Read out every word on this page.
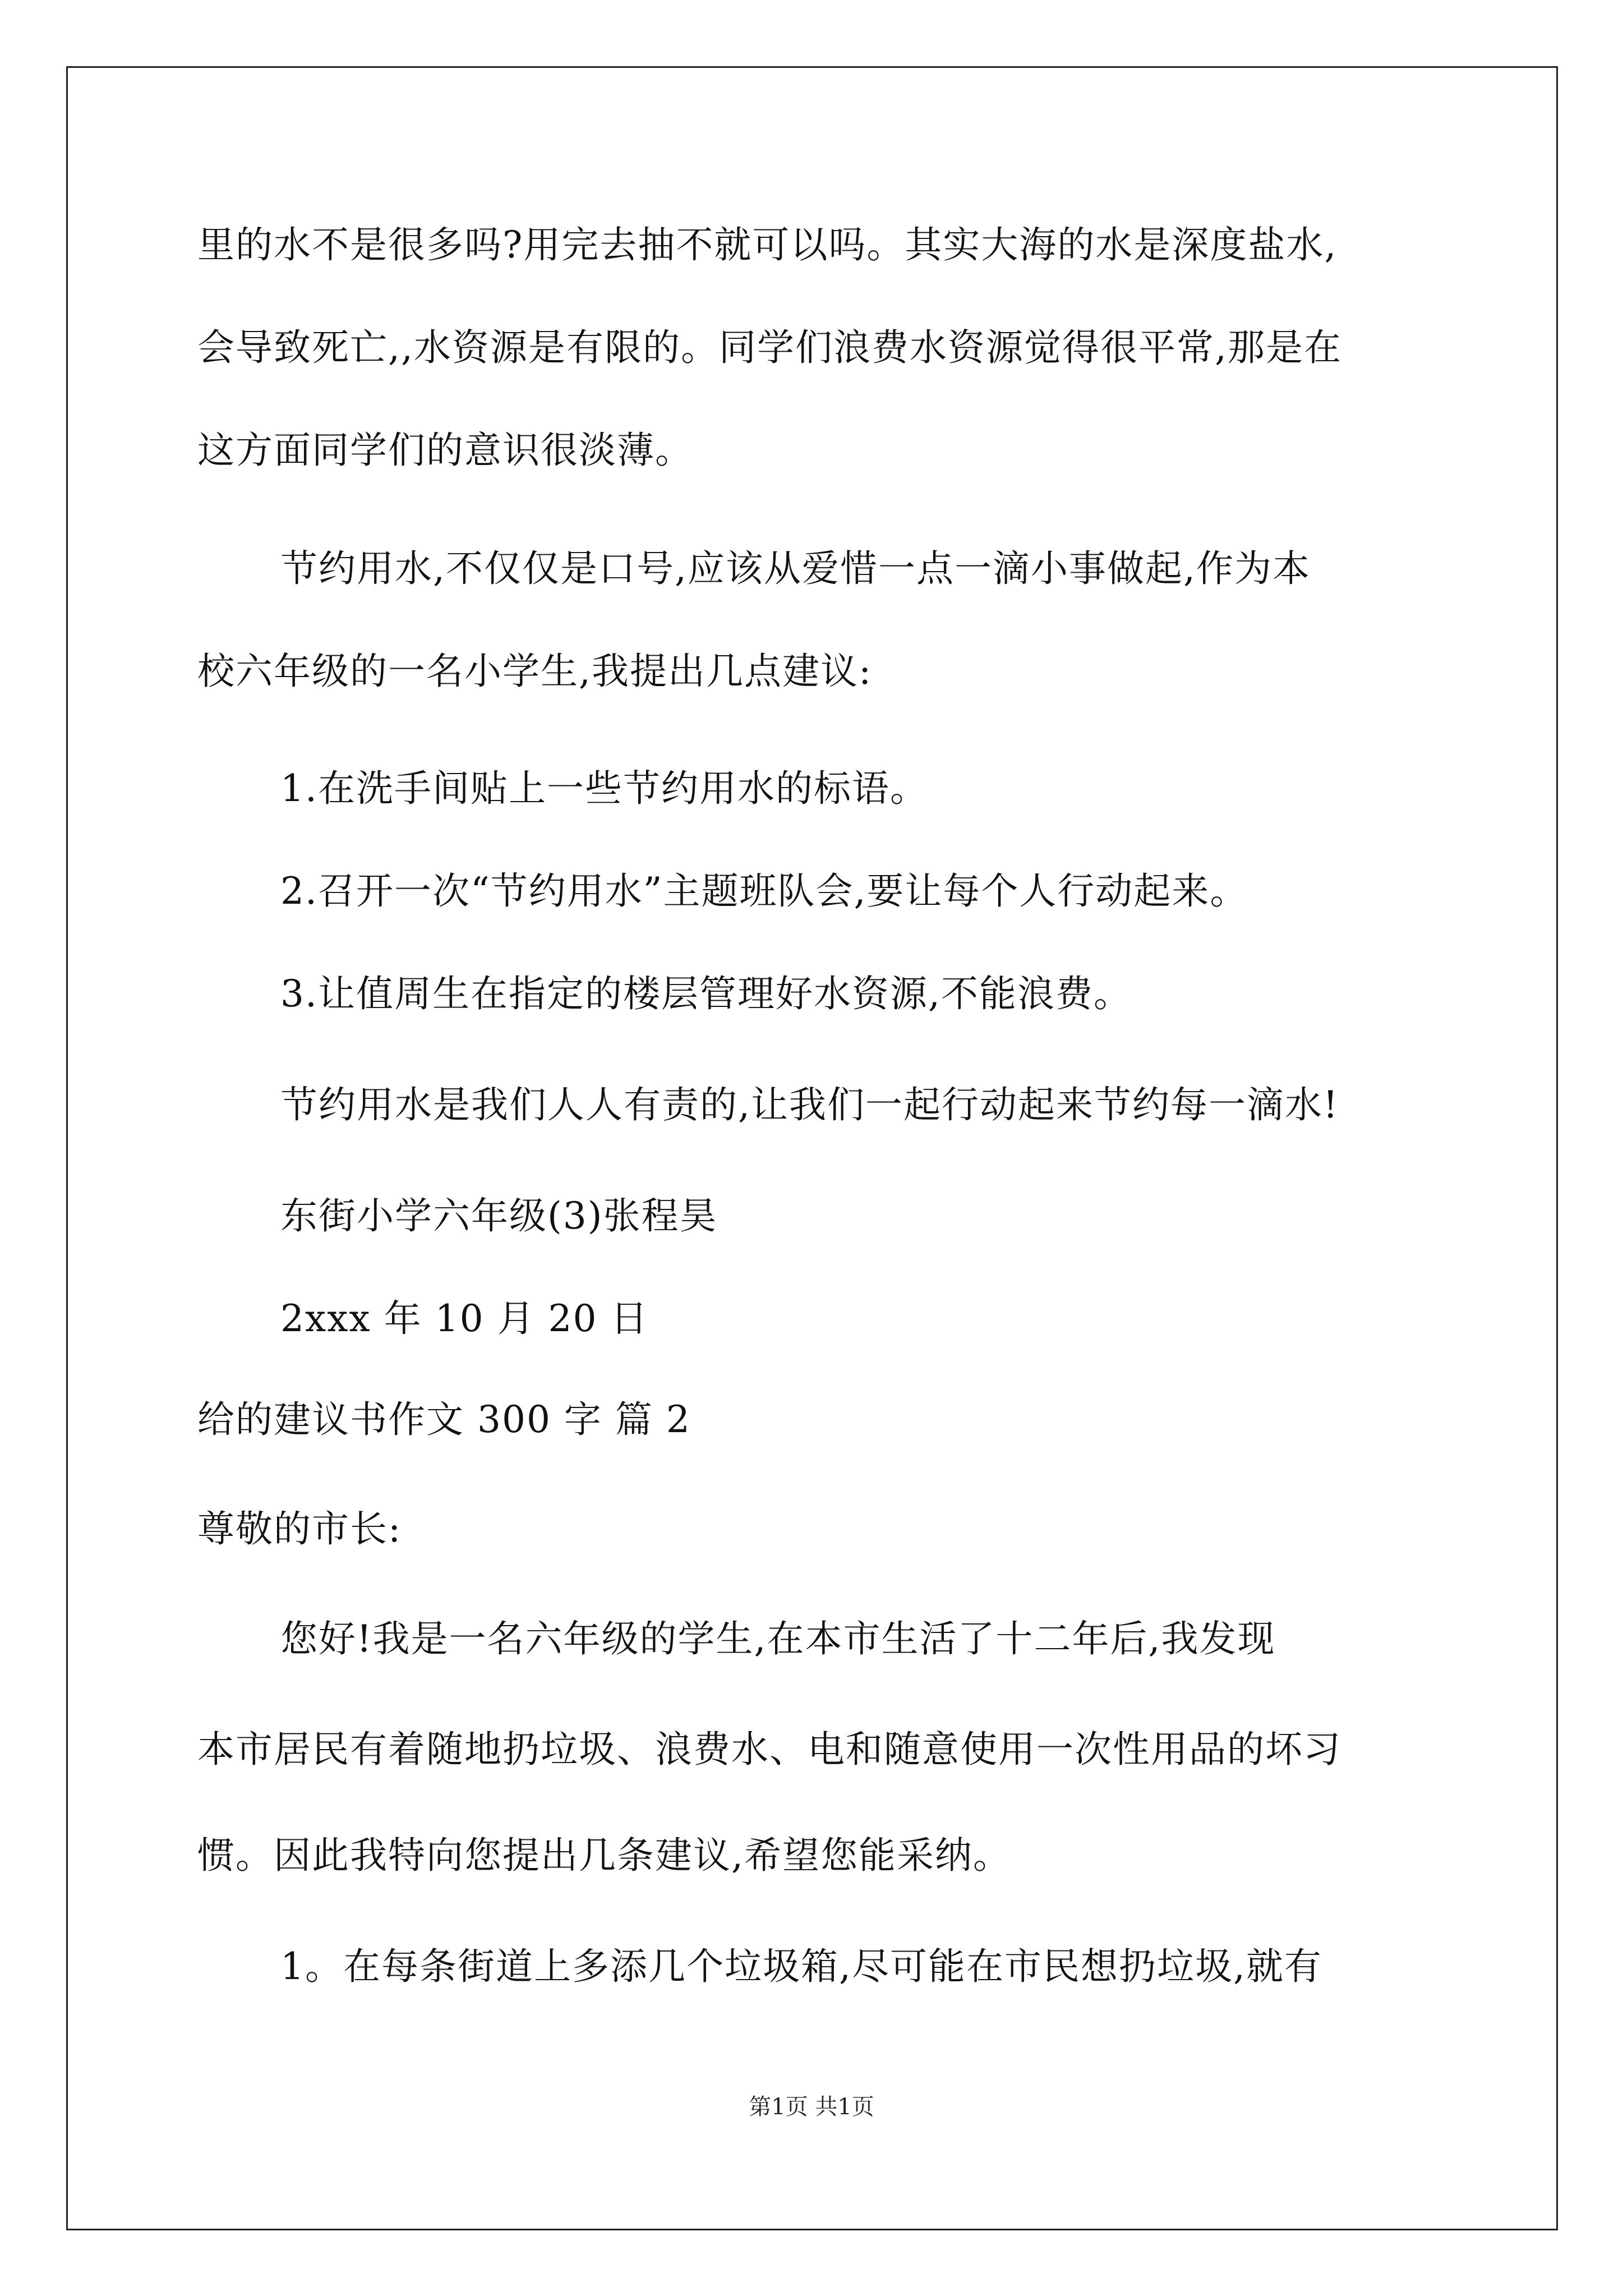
里的水不是很多吗?用完去抽不就可以吗。其实大海的水是深度盐水,
会导致死亡,,水资源是有限的。同学们浪费水资源觉得很平常,那是在
这方面同学们的意识很淡薄。
节约用水,不仅仅是口号,应该从爱惜一点一滴小事做起,作为本
校六年级的一名小学生,我提出几点建议:
1.在洗手间贴上一些节约用水的标语。
2.召开一次“节约用水”主题班队会,要让每个人行动起来。
3.让值周生在指定的楼层管理好水资源,不能浪费。
节约用水是我们人人有责的,让我们一起行动起来节约每一滴水!
东街小学六年级(3)张程昊
2xxx 年 10 月 20 日
给的建议书作文 300 字 篇 2
尊敬的市长:
您好!我是一名六年级的学生,在本市生活了十二年后,我发现
本市居民有着随地扔垃圾、浪费水、电和随意使用一次性用品的坏习
惯。因此我特向您提出几条建议,希望您能采纳。
1。在每条街道上多添几个垃圾箱,尽可能在市民想扔垃圾,就有
第1页 共1页
